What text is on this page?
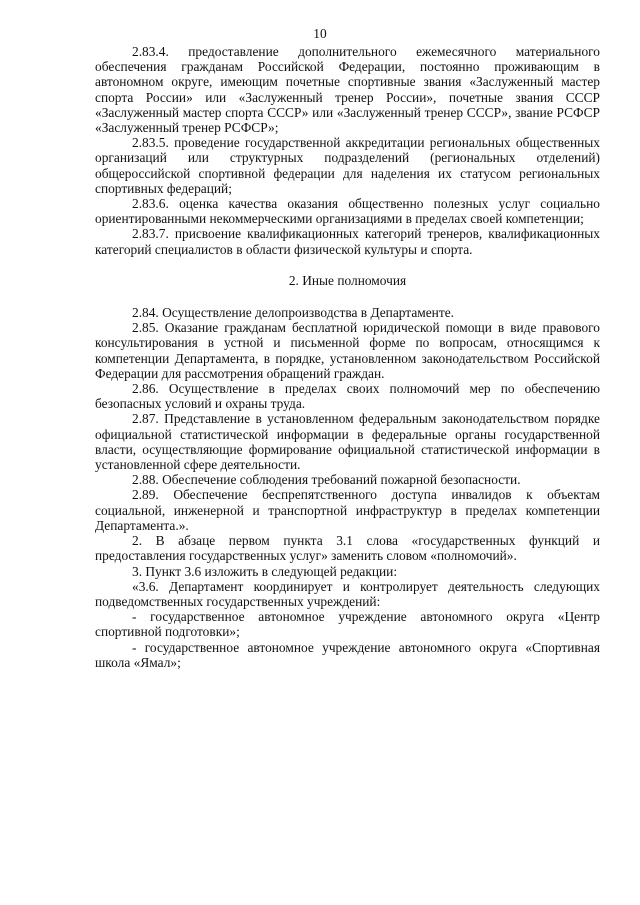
10

2.83.4. предоставление дополнительного ежемесячного материального обеспечения гражданам Российской Федерации, постоянно проживающим в автономном округе, имеющим почетные спортивные звания «Заслуженный мастер спорта России» или «Заслуженный тренер России», почетные звания СССР «Заслуженный мастер спорта СССР» или «Заслуженный тренер СССР», звание РСФСР «Заслуженный тренер РСФСР»;

2.83.5. проведение государственной аккредитации региональных общественных организаций или структурных подразделений (региональных отделений) общероссийской спортивной федерации для наделения их статусом региональных спортивных федераций;

2.83.6. оценка качества оказания общественно полезных услуг социально ориентированными некоммерческими организациями в пределах своей компетенции;

2.83.7. присвоение квалификационных категорий тренеров, квалификационных категорий специалистов в области физической культуры и спорта.

2. Иные полномочия

2.84. Осуществление делопроизводства в Департаменте.

2.85. Оказание гражданам бесплатной юридической помощи в виде правового консультирования в устной и письменной форме по вопросам, относящимся к компетенции Департамента, в порядке, установленном законодательством Российской Федерации для рассмотрения обращений граждан.

2.86. Осуществление в пределах своих полномочий мер по обеспечению безопасных условий и охраны труда.

2.87. Представление в установленном федеральным законодательством порядке официальной статистической информации в федеральные органы государственной власти, осуществляющие формирование официальной статистической информации в установленной сфере деятельности.

2.88. Обеспечение соблюдения требований пожарной безопасности.

2.89. Обеспечение беспрепятственного доступа инвалидов к объектам социальной, инженерной и транспортной инфраструктур в пределах компетенции Департамента.».

2. В абзаце первом пункта 3.1 слова «государственных функций и предоставления государственных услуг» заменить словом «полномочий».

3. Пункт 3.6 изложить в следующей редакции:

«3.6. Департамент координирует и контролирует деятельность следующих подведомственных государственных учреждений:

- государственное автономное учреждение автономного округа «Центр спортивной подготовки»;

- государственное автономное учреждение автономного округа «Спортивная школа «Ямал»;
